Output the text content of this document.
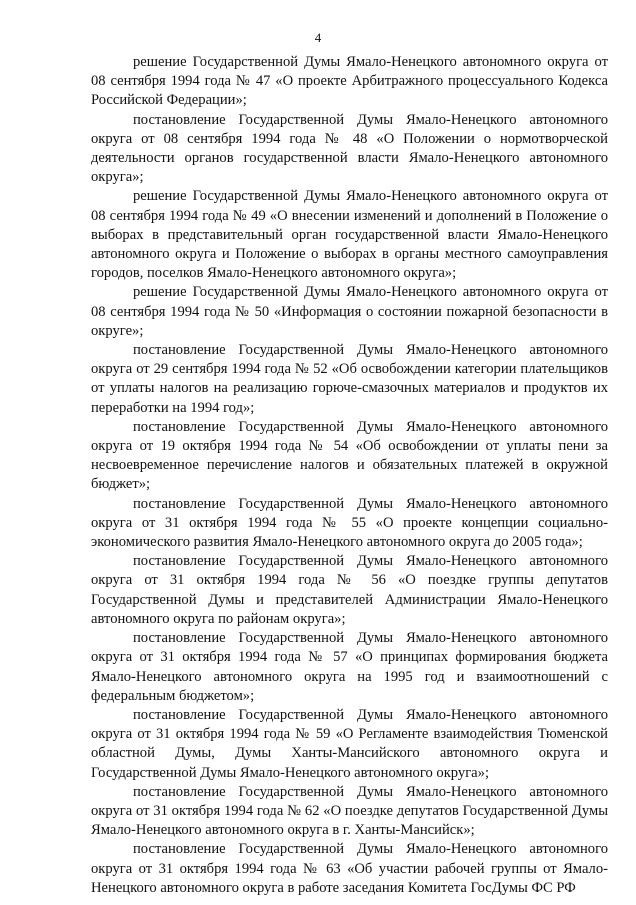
4

решение Государственной Думы Ямало-Ненецкого автономного округа от 08 сентября 1994 года № 47 «О проекте Арбитражного процессуального Кодекса Российской Федерации»;

постановление Государственной Думы Ямало-Ненецкого автономного округа от 08 сентября 1994 года № 48 «О Положении о нормотворческой деятельности органов государственной власти Ямало-Ненецкого автономного округа»;

решение Государственной Думы Ямало-Ненецкого автономного округа от 08 сентября 1994 года № 49 «О внесении изменений и дополнений в Положение о выборах в представительный орган государственной власти Ямало-Ненецкого автономного округа и Положение о выборах в органы местного самоуправления городов, поселков Ямало-Ненецкого автономного округа»;

решение Государственной Думы Ямало-Ненецкого автономного округа от 08 сентября 1994 года № 50 «Информация о состоянии пожарной безопасности в округе»;

постановление Государственной Думы Ямало-Ненецкого автономного округа от 29 сентября 1994 года № 52 «Об освобождении категории плательщиков от уплаты налогов на реализацию горюче-смазочных материалов и продуктов их переработки на 1994 год»;

постановление Государственной Думы Ямало-Ненецкого автономного округа от 19 октября 1994 года № 54 «Об освобождении от уплаты пени за несвоевременное перечисление налогов и обязательных платежей в окружной бюджет»;

постановление Государственной Думы Ямало-Ненецкого автономного округа от 31 октября 1994 года № 55 «О проекте концепции социально-экономического развития Ямало-Ненецкого автономного округа до 2005 года»;

постановление Государственной Думы Ямало-Ненецкого автономного округа от 31 октября 1994 года № 56 «О поездке группы депутатов Государственной Думы и представителей Администрации Ямало-Ненецкого автономного округа по районам округа»;

постановление Государственной Думы Ямало-Ненецкого автономного округа от 31 октября 1994 года № 57 «О принципах формирования бюджета Ямало-Ненецкого автономного округа на 1995 год и взаимоотношений с федеральным бюджетом»;

постановление Государственной Думы Ямало-Ненецкого автономного округа от 31 октября 1994 года № 59 «О Регламенте взаимодействия Тюменской областной Думы, Думы Ханты-Мансийского автономного округа и Государственной Думы Ямало-Ненецкого автономного округа»;

постановление Государственной Думы Ямало-Ненецкого автономного округа от 31 октября 1994 года № 62 «О поездке депутатов Государственной Думы Ямало-Ненецкого автономного округа в г. Ханты-Мансийск»;

постановление Государственной Думы Ямало-Ненецкого автономного округа от 31 октября 1994 года № 63 «Об участии рабочей группы от Ямало-Ненецкого автономного округа в работе заседания Комитета ГосДумы ФС РФ
